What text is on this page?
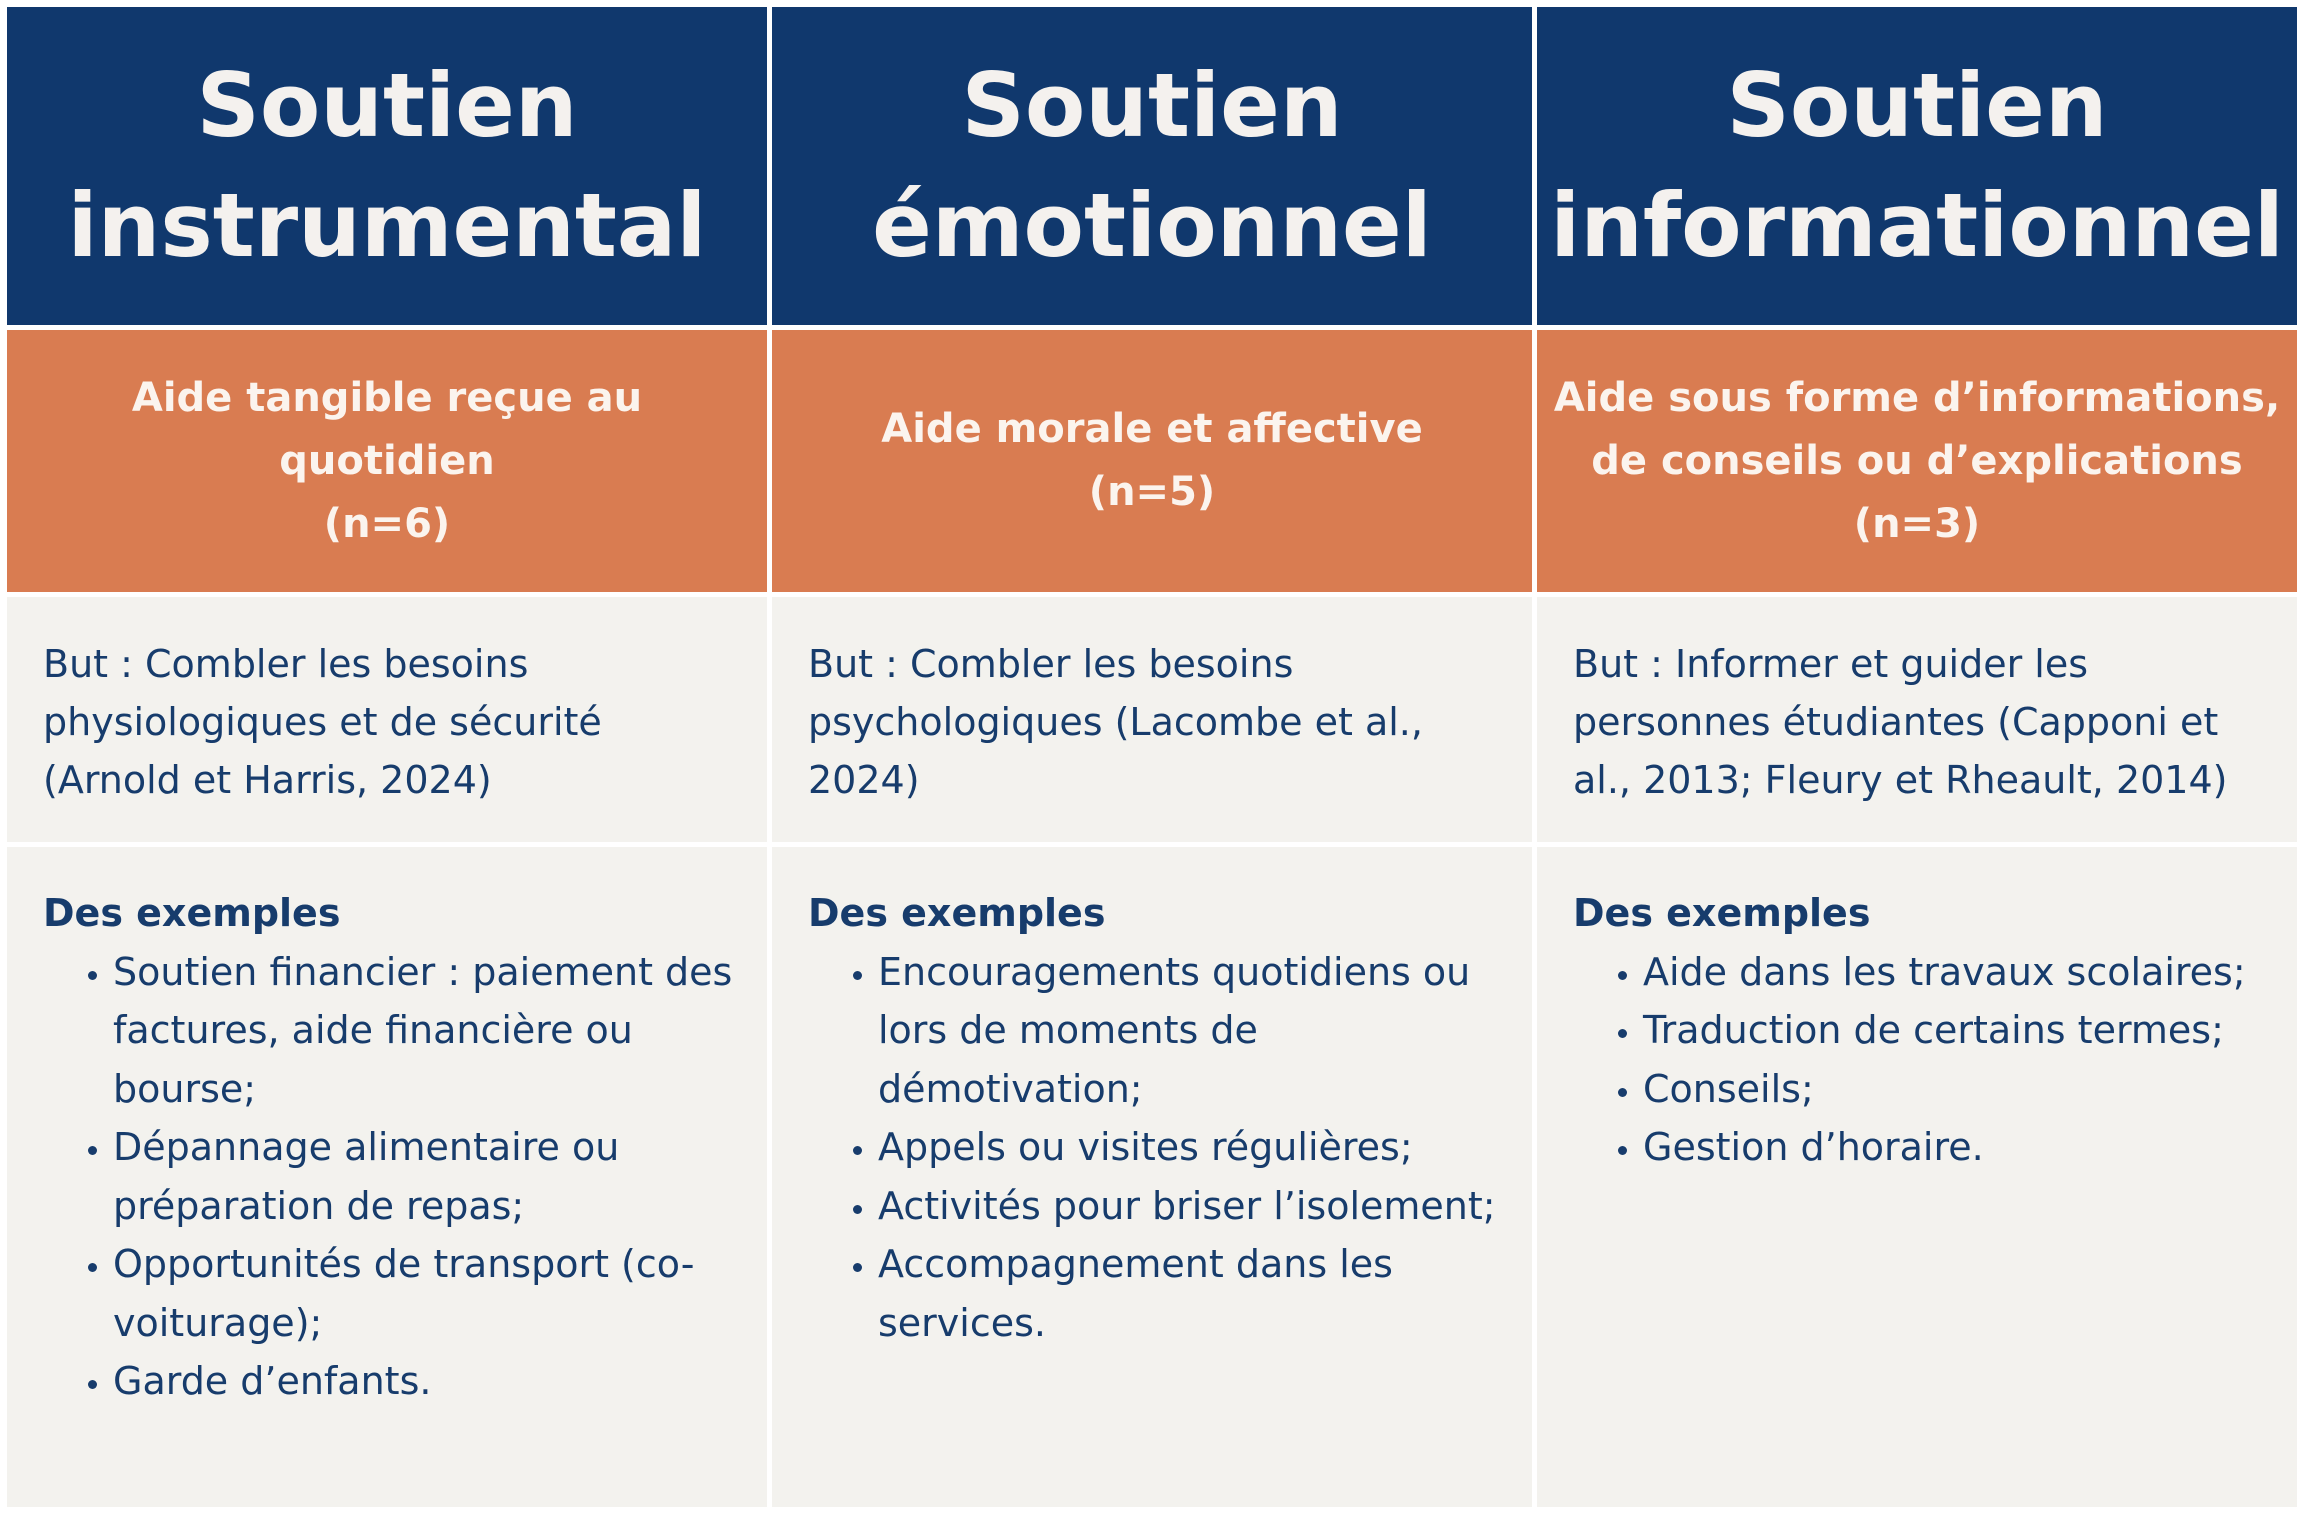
Soutien
instrumental
Soutien
émotionnel
Soutien
informationnel
Aide tangible reçue au
quotidien
(n=6)
Aide morale et affective
(n=5)
Aide sous forme d’informations,
de conseils ou d’explications
(n=3)
But : Combler les besoins physiologiques et de sécurité (Arnold et Harris, 2024)
But : Combler les besoins psychologiques (Lacombe et al., 2024)
But : Informer et guider les personnes étudiantes (Capponi et al., 2013; Fleury et Rheault, 2014)
Des exemples
• Soutien financier : paiement des factures, aide financière ou bourse;
• Dépannage alimentaire ou préparation de repas;
• Opportunités de transport (co-voiturage);
• Garde d’enfants.
Des exemples
• Encouragements quotidiens ou lors de moments de démotivation;
• Appels ou visites régulières;
• Activités pour briser l’isolement;
• Accompagnement dans les services.
Des exemples
• Aide dans les travaux scolaires;
• Traduction de certains termes;
• Conseils;
• Gestion d’horaire.
